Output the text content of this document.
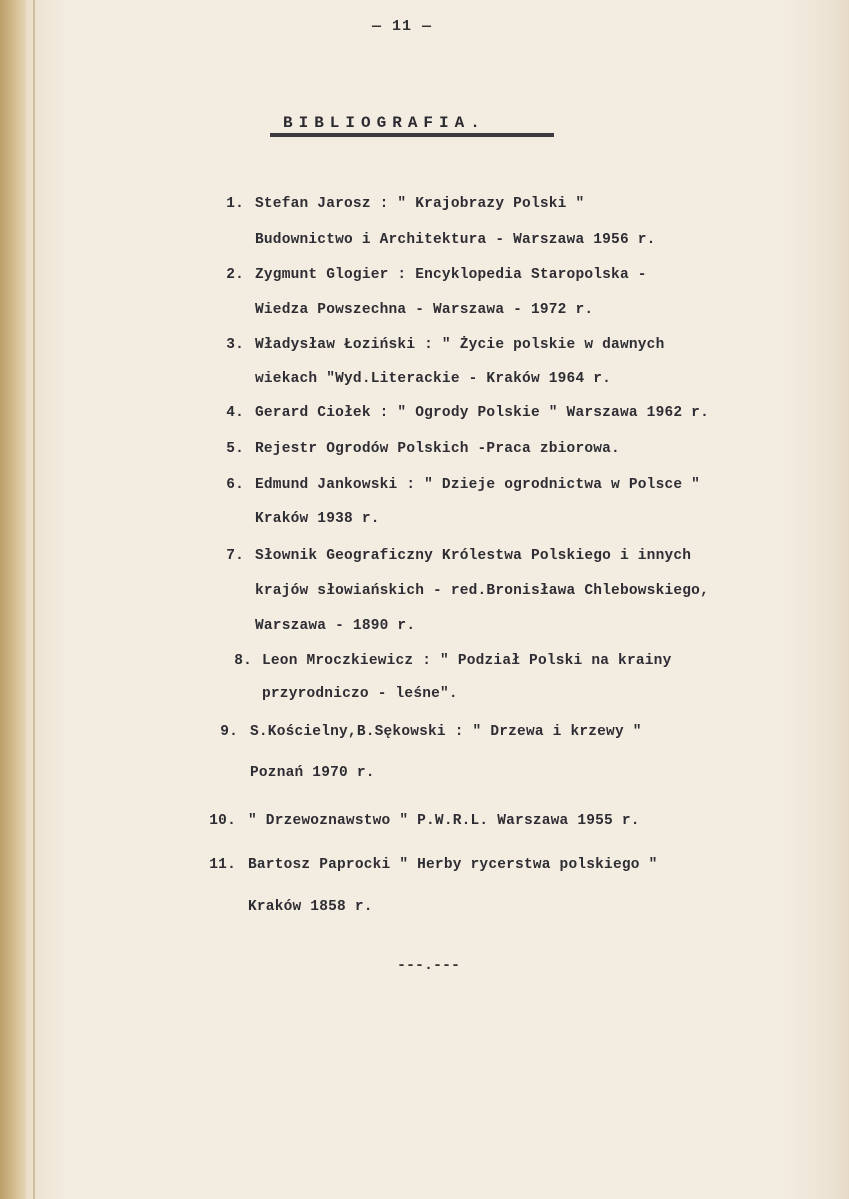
— 11 —
BIBLIOGRAFIA.
1. Stefan Jarosz : " Krajobrazy Polski "
Budownictwo i Architektura - Warszawa 1956 r.
2. Zygmunt Glogier : Encyklopedia Staropolska -
Wiedza Powszechna - Warszawa - 1972 r.
3. Władysław Łoziński : " Życie polskie w dawnych
wiekach "Wyd.Literackie - Kraków 1964 r.
4. Gerard Ciołek : " Ogrody Polskie " Warszawa 1962 r.
5. Rejestr Ogrodów Polskich -Praca zbiorowa.
6. Edmund Jankowski : " Dzieje ogrodnictwa w Polsce "
Kraków 1938 r.
7. Słownik Geograficzny Królestwa Polskiego i innych
krajów słowiańskich - red.Bronisława Chlebowskiego,
Warszawa - 1890 r.
8. Leon Mroczkiewicz : " Podział Polski na krainy
przyrodniczo - leśne".
9. S.Kościelny,B.Sękowski : " Drzewa i krzewy "
Poznań 1970 r.
10. " Drzewoznawstwo " P.W.R.L. Warszawa 1955 r.
11. Bartosz Paprocki " Herby rycerstwa polskiego "
Kraków 1858 r.
---.---
